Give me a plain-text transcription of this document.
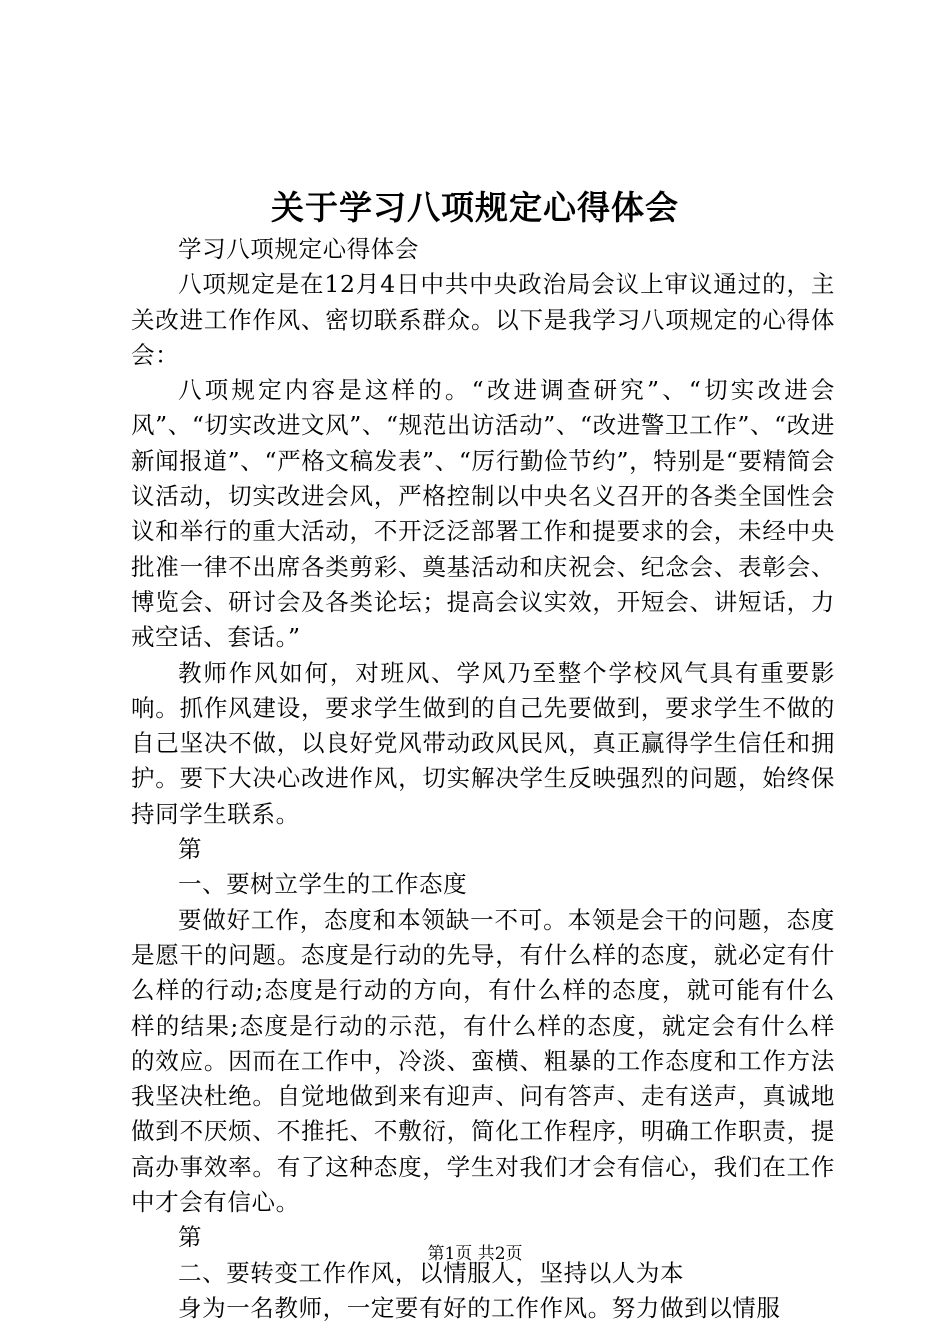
关于学习八项规定心得体会

学习八项规定心得体会

八项规定是在12月4日中共中央政治局会议上审议通过的，主关改进工作作风、密切联系群众。以下是我学习八项规定的心得体会：

八项规定内容是这样的。“改进调查研究”、“切实改进会风”、“切实改进文风”、“规范出访活动”、“改进警卫工作”、“改进新闻报道”、“严格文稿发表”、“厉行勤俭节约”，特别是“要精简会议活动，切实改进会风，严格控制以中央名义召开的各类全国性会议和举行的重大活动，不开泛泛部署工作和提要求的会，未经中央批准一律不出席各类剪彩、奠基活动和庆祝会、纪念会、表彰会、博览会、研讨会及各类论坛；提高会议实效，开短会、讲短话，力戒空话、套话。”

教师作风如何，对班风、学风乃至整个学校风气具有重要影响。抓作风建设，要求学生做到的自己先要做到，要求学生不做的自己坚决不做，以良好党风带动政风民风，真正赢得学生信任和拥护。要下大决心改进作风，切实解决学生反映强烈的问题，始终保持同学生联系。

第

一、要树立学生的工作态度

要做好工作，态度和本领缺一不可。本领是会干的问题，态度是愿干的问题。态度是行动的先导，有什么样的态度，就必定有什么样的行动;态度是行动的方向，有什么样的态度，就可能有什么样的结果;态度是行动的示范，有什么样的态度，就定会有什么样的效应。因而在工作中，冷淡、蛮横、粗暴的工作态度和工作方法我坚决杜绝。自觉地做到来有迎声、问有答声、走有送声，真诚地做到不厌烦、不推托、不敷衍，简化工作程序，明确工作职责，提高办事效率。有了这种态度，学生对我们才会有信心，我们在工作中才会有信心。

第

二、要转变工作作风，以情服人，坚持以人为本

身为一名教师，一定要有好的工作作风。努力做到以情服

第1页 共2页
